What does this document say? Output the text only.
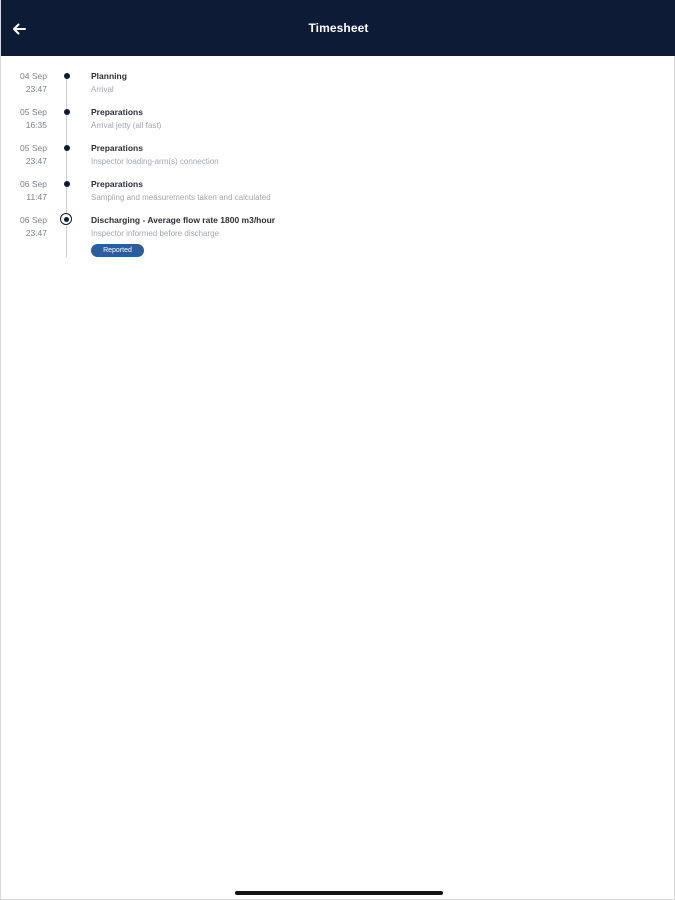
Timesheet
04 Sep
23:47
Planning
Arrival
05 Sep
16:35
Preparations
Arrival jetty (all fast)
05 Sep
23:47
Preparations
Inspector loading-arm(s) connection
06 Sep
11:47
Preparations
Sampling and measurements taken and calculated
06 Sep
23:47
Discharging - Average flow rate 1800 m3/hour
Inspector informed before discharge
Reported
